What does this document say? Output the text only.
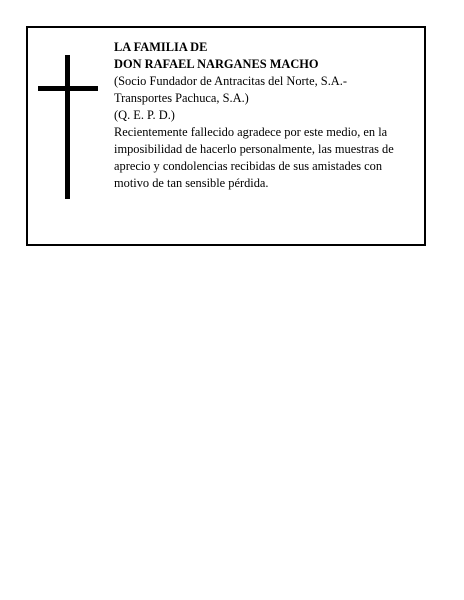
LA FAMILIA DE
DON RAFAEL NARGANES MACHO
(Socio Fundador de Antracitas del Norte, S.A.-
Transportes Pachuca, S.A.)
(Q. E. P. D.)
Recientemente fallecido agradece por este medio, en la imposibilidad de hacerlo personalmente, las muestras de aprecio y condolencias recibidas de sus amistades con motivo de tan sensible pérdida.
